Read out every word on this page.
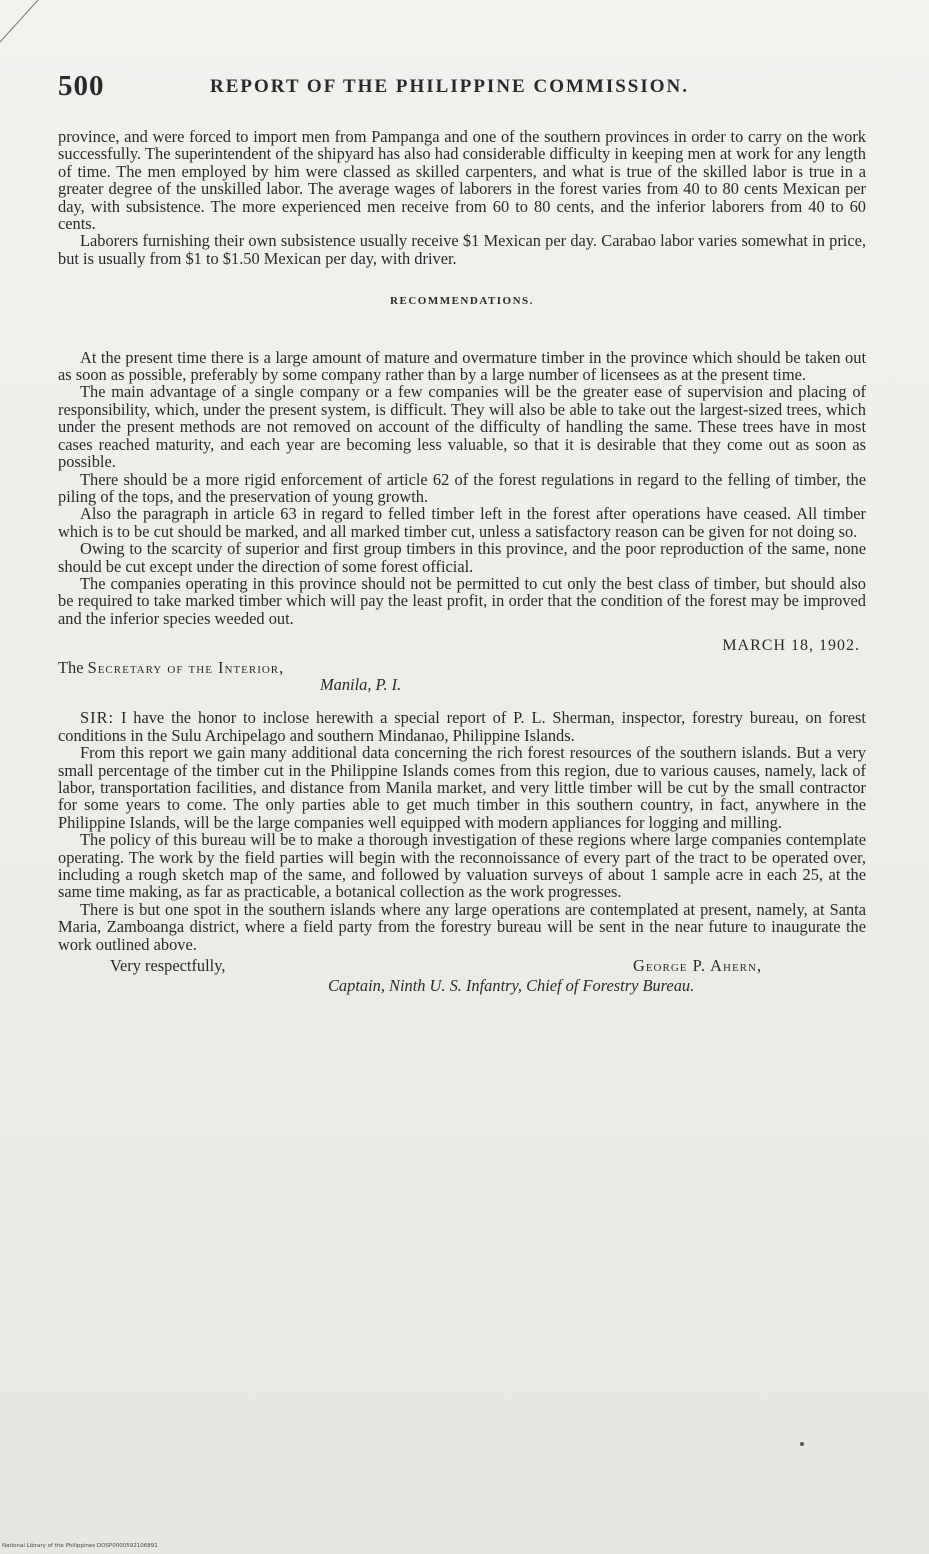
500	REPORT OF THE PHILIPPINE COMMISSION.

province, and were forced to import men from Pampanga and one of the southern provinces in order to carry on the work successfully. The superintendent of the shipyard has also had considerable difficulty in keeping men at work for any length of time. The men employed by him were classed as skilled carpenters, and what is true of the skilled labor is true in a greater degree of the unskilled labor. The average wages of laborers in the forest varies from 40 to 80 cents Mexican per day, with subsistence. The more experienced men receive from 60 to 80 cents, and the inferior laborers from 40 to 60 cents.

Laborers furnishing their own subsistence usually receive $1 Mexican per day. Carabao labor varies somewhat in price, but is usually from $1 to $1.50 Mexican per day, with driver.

RECOMMENDATIONS.

At the present time there is a large amount of mature and overmature timber in the province which should be taken out as soon as possible, preferably by some company rather than by a large number of licensees as at the present time.

The main advantage of a single company or a few companies will be the greater ease of supervision and placing of responsibility, which, under the present system, is difficult. They will also be able to take out the largest-sized trees, which under the present methods are not removed on account of the difficulty of handling the same. These trees have in most cases reached maturity, and each year are becoming less valuable, so that it is desirable that they come out as soon as possible.

There should be a more rigid enforcement of article 62 of the forest regulations in regard to the felling of timber, the piling of the tops, and the preservation of young growth.

Also the paragraph in article 63 in regard to felled timber left in the forest after operations have ceased. All timber which is to be cut should be marked, and all marked timber cut, unless a satisfactory reason can be given for not doing so.

Owing to the scarcity of superior and first group timbers in this province, and the poor reproduction of the same, none should be cut except under the direction of some forest official.

The companies operating in this province should not be permitted to cut only the best class of timber, but should also be required to take marked timber which will pay the least profit, in order that the condition of the forest may be improved and the inferior species weeded out.

MARCH 18, 1902.
The Secretary of the Interior,
Manila, P. I.

SIR: I have the honor to inclose herewith a special report of P. L. Sherman, inspector, forestry bureau, on forest conditions in the Sulu Archipelago and southern Mindanao, Philippine Islands.

From this report we gain many additional data concerning the rich forest resources of the southern islands. But a very small percentage of the timber cut in the Philippine Islands comes from this region, due to various causes, namely, lack of labor, transportation facilities, and distance from Manila market, and very little timber will be cut by the small contractor for some years to come. The only parties able to get much timber in this southern country, in fact, anywhere in the Philippine Islands, will be the large companies well equipped with modern appliances for logging and milling.

The policy of this bureau will be to make a thorough investigation of these regions where large companies contemplate operating. The work by the field parties will begin with the reconnoissance of every part of the tract to be operated over, including a rough sketch map of the same, and followed by valuation surveys of about 1 sample acre in each 25, at the same time making, as far as practicable, a botanical collection as the work progresses.

There is but one spot in the southern islands where any large operations are contemplated at present, namely, at Santa Maria, Zamboanga district, where a field party from the forestry bureau will be sent in the near future to inaugurate the work outlined above.

Very respectfully,	George P. Ahern,
Captain, Ninth U. S. Infantry, Chief of Forestry Bureau.
National Library of the Philippines DOSP0000592106891
